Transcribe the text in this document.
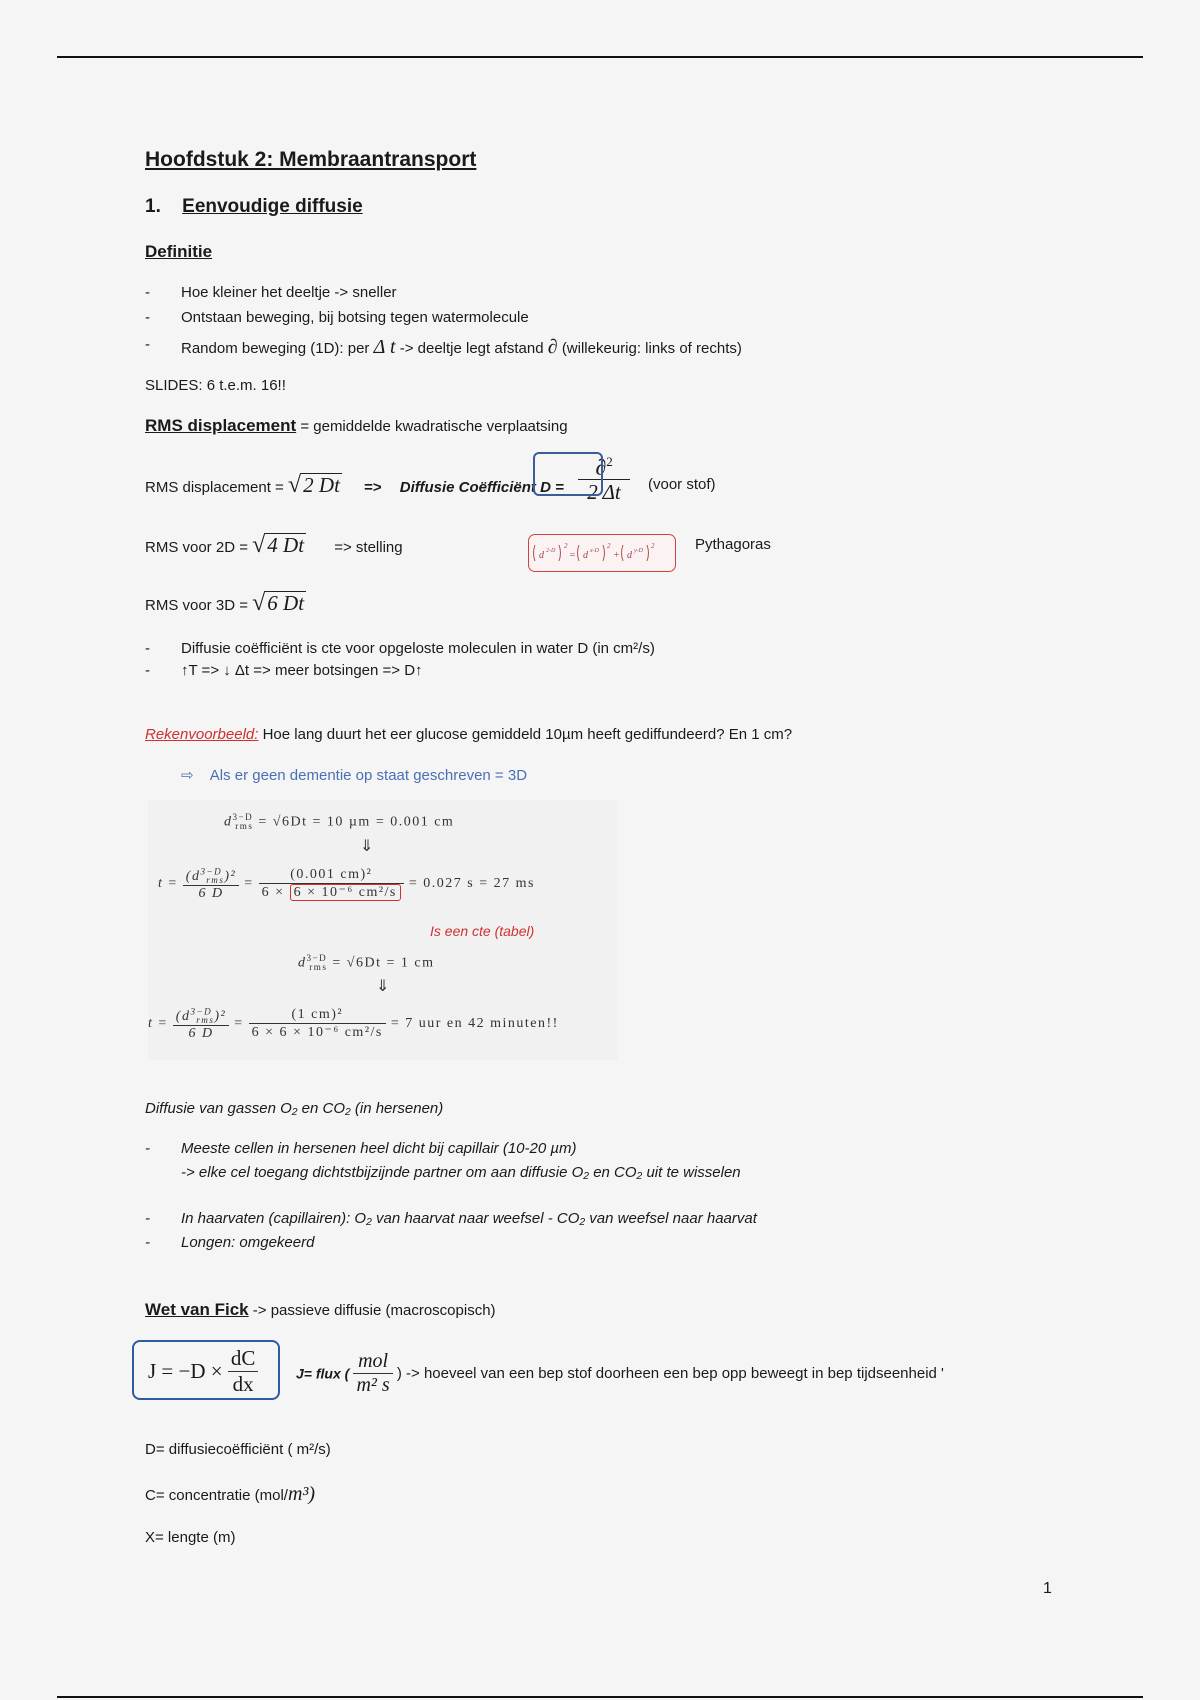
Hoofdstuk 2: Membraantransport
1. Eenvoudige diffusie
Definitie
- Hoe kleiner het deeltje -> sneller
- Ontstaan beweging, bij botsing tegen watermolecule
- Random beweging (1D): per Δ t -> deeltje legt afstand ∂ (willekeurig: links of rechts)
SLIDES: 6 t.e.m. 16!!
RMS displacement = gemiddelde kwadratische verplaatsing
RMS displacement = √2 Dt => Diffusie Coëfficiënt D =
∂$^2$
2 Δt	(voor stof)
RMS voor 2D = √4 Dt => stelling	d 2-D
2
= d x-D
2
+ d y-D
2	Pythagoras
RMS voor 3D = √6 Dt
- Diffusie coëfficiënt is cte voor opgeloste moleculen in water D (in cm²/s)
- ↑T => ↓ Δt => meer botsingen => D↑
Rekenvoorbeeld: Hoe lang duurt het eer glucose gemiddeld 10µm heeft gediffundeerd? En 1 cm?
⇨ Als er geen dementie op staat geschreven = 3D
$d^{3-D}_{rms} = √6Dt = 10$ µm = 0.001 cm
⇓
$t = \frac{(d^{3-D}_{rms})^2}{6 D} = \frac{\text{(0.001 cm)²}}{\text{6 × 6 × 10⁻⁶ cm²/s}} = 0.027$ s = 27 ms
Is een cte (tabel)
$d^{3-D}_{rms} = √6Dt = 1$ cm
⇓
$t = \frac{(d^{3-D}_{rms})^2}{6 D} = \frac{\text{(1 cm)²}}{\text{6 × 6 × 10⁻⁶ cm²/s}} = 7$ uur en 42 minuten!!
Diffusie van gassen O₂ en CO₂ (in hersenen)
- Meeste cellen in hersenen heel dicht bij capillair (10-20 µm)
-> elke cel toegang dichtstbijzijnde partner om aan diffusie O₂ en CO₂ uit te wisselen
- In haarvaten (capillairen): O₂ van haarvat naar weefsel - CO₂ van weefsel naar haarvat
- Longen: omgekeerd
Wet van Fick -> passieve diffusie (macroscopisch)
$J = -D \times \frac{dC}{dx}$	J= flux ( $\frac{\text{mol}}{\text{m² s}}$ ) -> hoeveel van een bep stof doorheen een bep opp beweegt in bep tijdseenheid '
D= diffusiecoëfficiënt ( m²/s)
C= concentratie (mol/m³)
X= lengte (m)
1
